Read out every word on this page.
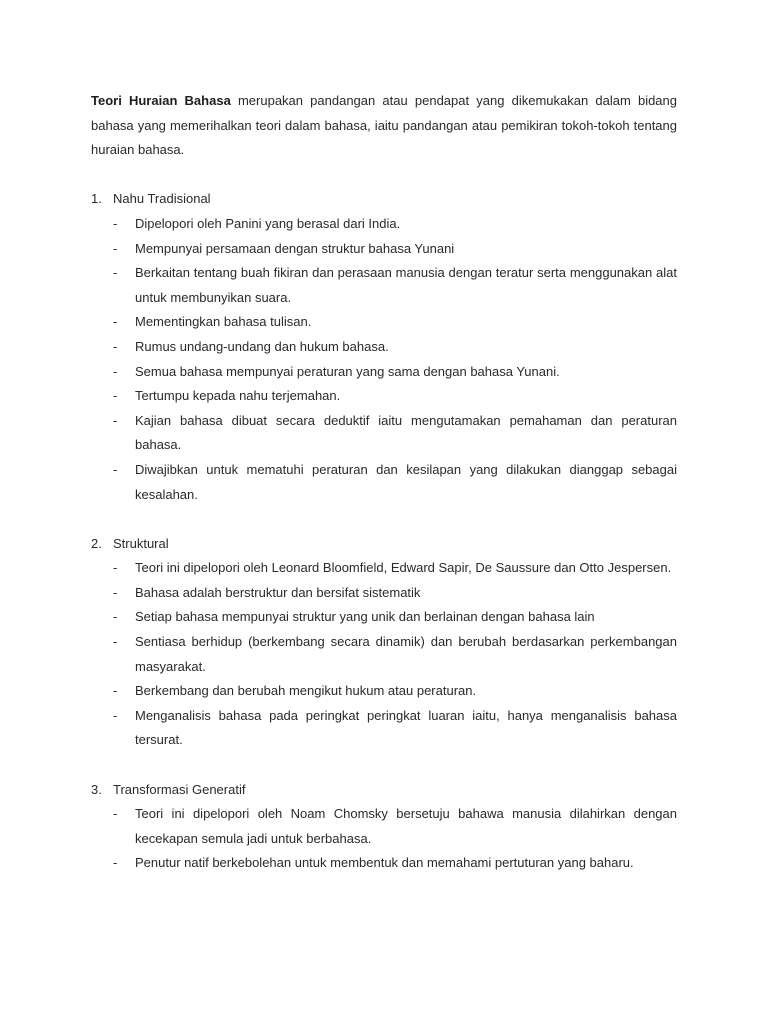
Teori Huraian Bahasa merupakan pandangan atau pendapat yang dikemukakan dalam bidang bahasa yang memerihalkan teori dalam bahasa, iaitu pandangan atau pemikiran tokoh-tokoh tentang huraian bahasa.

1. Nahu Tradisional
-	Dipelopori oleh Panini yang berasal dari India.
-	Mempunyai persamaan dengan struktur bahasa Yunani
-	Berkaitan tentang buah fikiran dan perasaan manusia dengan teratur serta menggunakan alat untuk membunyikan suara.
-	Mementingkan bahasa tulisan.
-	Rumus undang-undang dan hukum bahasa.
-	Semua bahasa mempunyai peraturan yang sama dengan bahasa Yunani.
-	Tertumpu kepada nahu terjemahan.
-	Kajian bahasa dibuat secara deduktif iaitu mengutamakan pemahaman dan peraturan bahasa.
-	Diwajibkan untuk mematuhi peraturan dan kesilapan yang dilakukan dianggap sebagai kesalahan.
2. Struktural
-	Teori ini dipelopori oleh Leonard Bloomfield, Edward Sapir, De Saussure dan Otto Jespersen.
-	Bahasa adalah berstruktur dan bersifat sistematik
-	Setiap bahasa mempunyai struktur yang unik dan berlainan dengan bahasa lain
-	Sentiasa berhidup (berkembang secara dinamik) dan berubah berdasarkan perkembangan masyarakat.
-	Berkembang dan berubah mengikut hukum atau peraturan.
-	Menganalisis bahasa pada peringkat peringkat luaran iaitu, hanya menganalisis bahasa tersurat.
3. Transformasi Generatif
-	Teori ini dipelopori oleh Noam Chomsky bersetuju bahawa manusia dilahirkan dengan kecekapan semula jadi untuk berbahasa.
-	Penutur natif berkebolehan untuk membentuk dan memahami pertuturan yang baharu.
